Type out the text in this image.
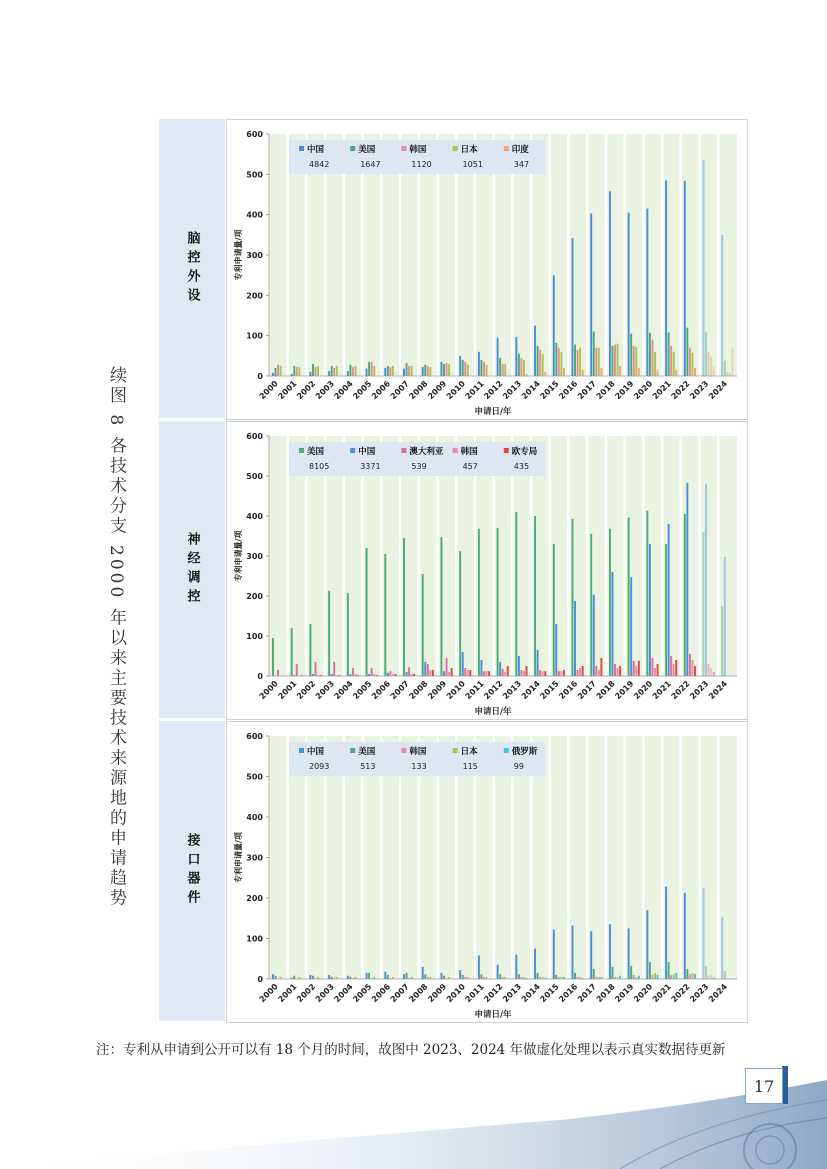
续图 8 各技术分支 2000 年以来主要技术来源地的申请趋势
脑控外设
0
100
200
300
400
500
600
2000
2001
2002
2003
2004
2005
2006
2007
2008
2009
2010
2011
2012
2013
2014
2015
2016
2017
2018
2019
2020
2021
2022
2023
2024
申请日/年
专利申请量/项
中国
4842
美国
1647
韩国
1120
日本
1051
印度
347
神经调控
0
100
200
300
400
500
600
2000
2001
2002
2003
2004
2005
2006
2007
2008
2009
2010
2011
2012
2013
2014
2015
2016
2017
2018
2019
2020
2021
2022
2023
2024
申请日/年
专利申请量/项
美国
8105
中国
3371
澳大利亚
539
韩国
457
欧专局
435
接口器件
0
100
200
300
400
500
600
2000
2001
2002
2003
2004
2005
2006
2007
2008
2009
2010
2011
2012
2013
2014
2015
2016
2017
2018
2019
2020
2021
2022
2023
2024
申请日/年
专利申请量/项
中国
2093
美国
513
韩国
133
日本
115
俄罗斯
99
注：专利从申请到公开可以有 18 个月的时间，故图中 2023、2024 年做虚化处理以表示真实数据待更新
17
